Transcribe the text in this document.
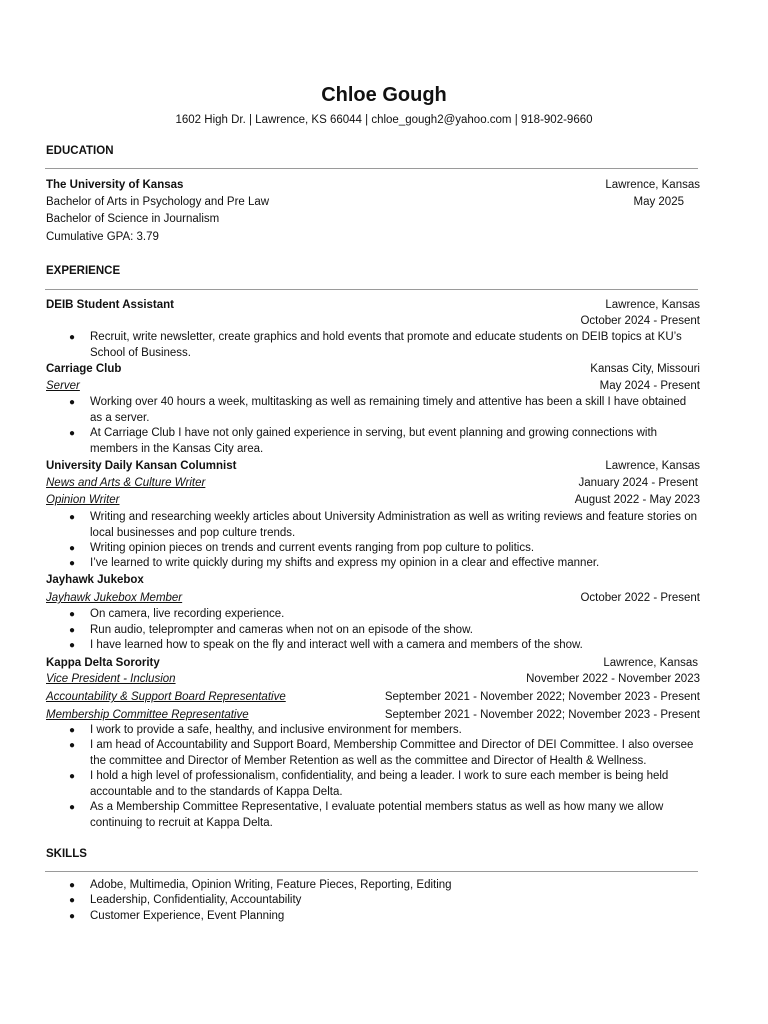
Chloe Gough
1602 High Dr. | Lawrence, KS 66044 | chloe_gough2@yahoo.com | 918-902-9660
EDUCATION
The University of Kansas	Lawrence, Kansas
Bachelor of Arts in Psychology and Pre Law	May 2025
Bachelor of Science in Journalism
Cumulative GPA: 3.79
EXPERIENCE
DEIB Student Assistant	Lawrence, Kansas
October 2024 - Present
● Recruit, write newsletter, create graphics and hold events that promote and educate students on DEIB topics at KU’s School of Business.
Carriage Club	Kansas City, Missouri
Server	May 2024 - Present
● Working over 40 hours a week, multitasking as well as remaining timely and attentive has been a skill I have obtained as a server.
● At Carriage Club I have not only gained experience in serving, but event planning and growing connections with members in the Kansas City area.
University Daily Kansan Columnist	Lawrence, Kansas
News and Arts & Culture Writer	January 2024 - Present
Opinion Writer	August 2022 - May 2023
● Writing and researching weekly articles about University Administration as well as writing reviews and feature stories on local businesses and pop culture trends.
● Writing opinion pieces on trends and current events ranging from pop culture to politics.
● I’ve learned to write quickly during my shifts and express my opinion in a clear and effective manner.
Jayhawk Jukebox
Jayhawk Jukebox Member	October 2022 - Present
● On camera, live recording experience.
● Run audio, teleprompter and cameras when not on an episode of the show.
● I have learned how to speak on the fly and interact well with a camera and members of the show.
Kappa Delta Sorority	Lawrence, Kansas
Vice President - Inclusion	November 2022 - November 2023
Accountability & Support Board Representative	September 2021 - November 2022; November 2023 - Present
Membership Committee Representative	September 2021 - November 2022; November 2023 - Present
● I work to provide a safe, healthy, and inclusive environment for members.
● I am head of Accountability and Support Board, Membership Committee and Director of DEI Committee. I also oversee the committee and Director of Member Retention as well as the committee and Director of Health & Wellness.
● I hold a high level of professionalism, confidentiality, and being a leader. I work to sure each member is being held accountable and to the standards of Kappa Delta.
● As a Membership Committee Representative, I evaluate potential members status as well as how many we allow continuing to recruit at Kappa Delta.
SKILLS
● Adobe, Multimedia, Opinion Writing, Feature Pieces, Reporting, Editing
● Leadership, Confidentiality, Accountability
● Customer Experience, Event Planning
